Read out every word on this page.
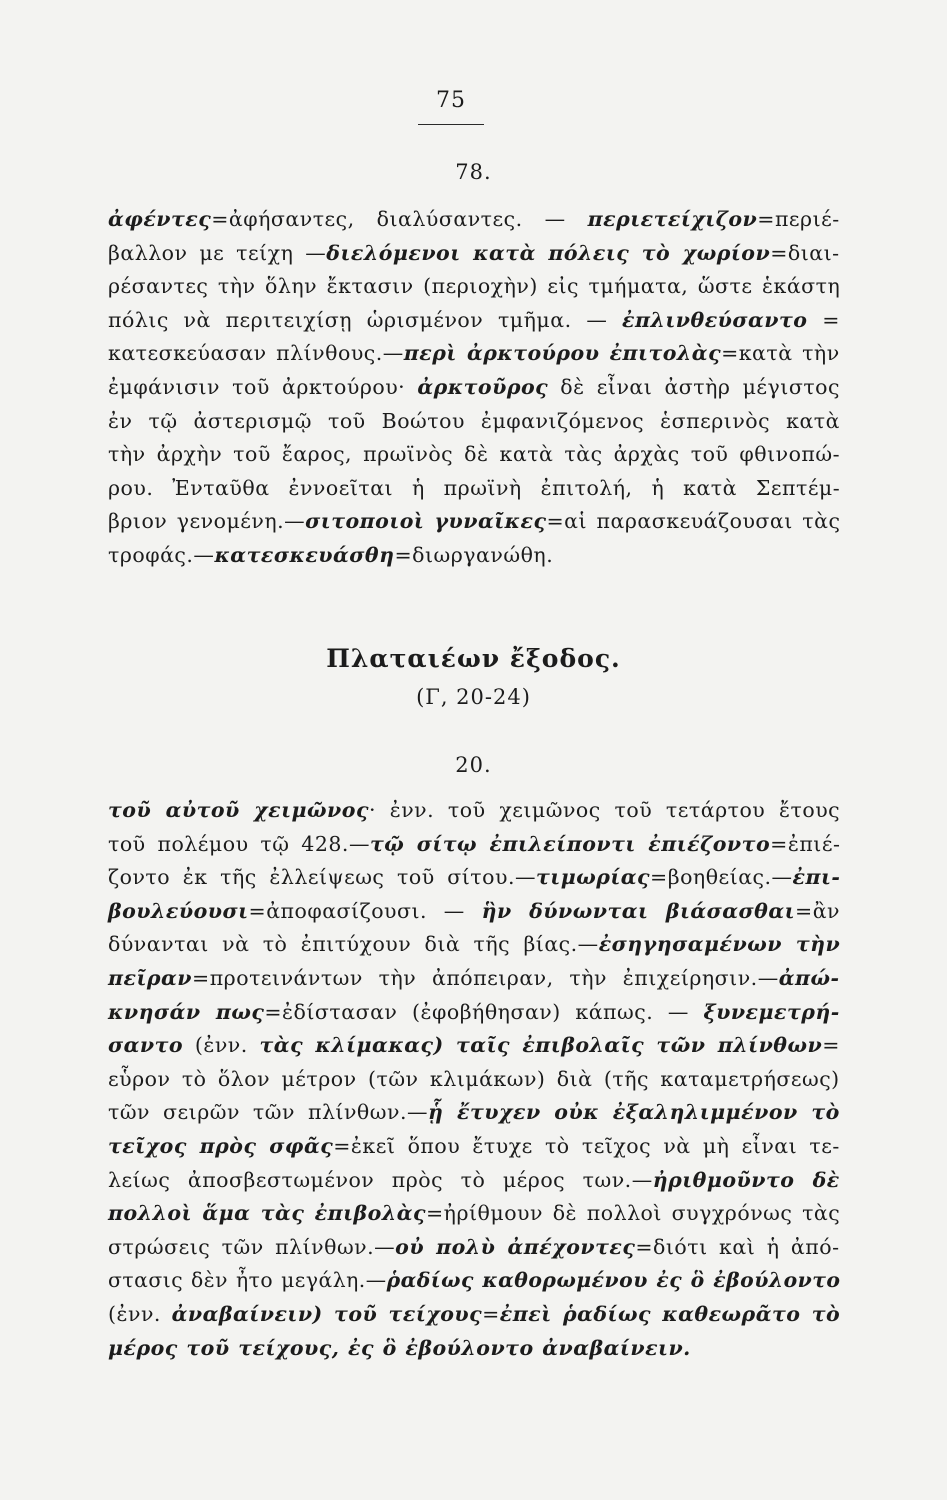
75
78.
ἀφέντες=ἀφήσαντες, διαλύσαντες. — περιετείχιζον=περιέ-
βαλλον με τείχη —διελόμενοι κατὰ πόλεις τὸ χωρίον=διαι-
ρέσαντες τὴν ὅλην ἔκτασιν (περιοχὴν) εἰς τμήματα, ὥστε ἑκάστη
πόλις νὰ περιτειχίσῃ ὡρισμένον τμῆμα. — ἐπλινθεύσαντο =
κατεσκεύασαν πλίνθους.—περὶ ἀρκτούρου ἐπιτολὰς=κατὰ τὴν
ἐμφάνισιν τοῦ ἀρκτούρου· ἀρκτοῦρος δὲ εἶναι ἀστὴρ μέγιστος
ἐν τῷ ἀστερισμῷ τοῦ Βοώτου ἐμφανιζόμενος ἑσπερινὸς κατὰ
τὴν ἀρχὴν τοῦ ἔαρος, πρωϊνὸς δὲ κατὰ τὰς ἀρχὰς τοῦ φθινοπώ-
ρου. Ἐνταῦθα ἐννοεῖται ἡ πρωϊνὴ ἐπιτολή, ἡ κατὰ Σεπτέμ-
βριον γενομένη.—σιτοποιοὶ γυναῖκες=αἱ παρασκευάζουσαι τὰς
τροφάς.—κατεσκευάσθη=διωργανώθη.
Πλαταιέων ἔξοδος.
(Γ, 20-24)
20.
τοῦ αὐτοῦ χειμῶνος· ἐνν. τοῦ χειμῶνος τοῦ τετάρτου ἔτους
τοῦ πολέμου τῷ 428.—τῷ σίτῳ ἐπιλείποντι ἐπιέζοντο=ἐπιέ-
ζοντο ἐκ τῆς ἐλλείψεως τοῦ σίτου.—τιμωρίας=βοηθείας.—ἐπι-
βουλεύουσι=ἀποφασίζουσι. — ἣν δύνωνται βιάσασθαι=ἂν
δύνανται νὰ τὸ ἐπιτύχουν διὰ τῆς βίας.—ἐσηγησαμένων τὴν
πεῖραν=προτεινάντων τὴν ἀπόπειραν, τὴν ἐπιχείρησιν.—ἀπώ-
κνησάν πως=ἐδίστασαν (ἐφοβήθησαν) κάπως. — ξυνεμετρή-
σαντο (ἐνν. τὰς κλίμακας) ταῖς ἐπιβολαῖς τῶν πλίνθων=
εὗρον τὸ ὅλον μέτρον (τῶν κλιμάκων) διὰ (τῆς καταμετρήσεως)
τῶν σειρῶν τῶν πλίνθων.—ᾗ ἔτυχεν οὐκ ἐξαληλιμμένον τὸ
τεῖχος πρὸς σφᾶς=ἐκεῖ ὅπου ἔτυχε τὸ τεῖχος νὰ μὴ εἶναι τε-
λείως ἀποσβεστωμένον πρὸς τὸ μέρος των.—ἠριθμοῦντο δὲ
πολλοὶ ἅμα τὰς ἐπιβολὰς=ἠρίθμουν δὲ πολλοὶ συγχρόνως τὰς
στρώσεις τῶν πλίνθων.—οὐ πολὺ ἀπέχοντες=διότι καὶ ἡ ἀπό-
στασις δὲν ἦτο μεγάλη.—ῥαδίως καθορωμένου ἐς ὃ ἐβούλοντο
(ἐνν. ἀναβαίνειν) τοῦ τείχους=ἐπεὶ ῥαδίως καθεωρᾶτο τὸ
μέρος τοῦ τείχους, ἐς ὃ ἐβούλοντο ἀναβαίνειν.
